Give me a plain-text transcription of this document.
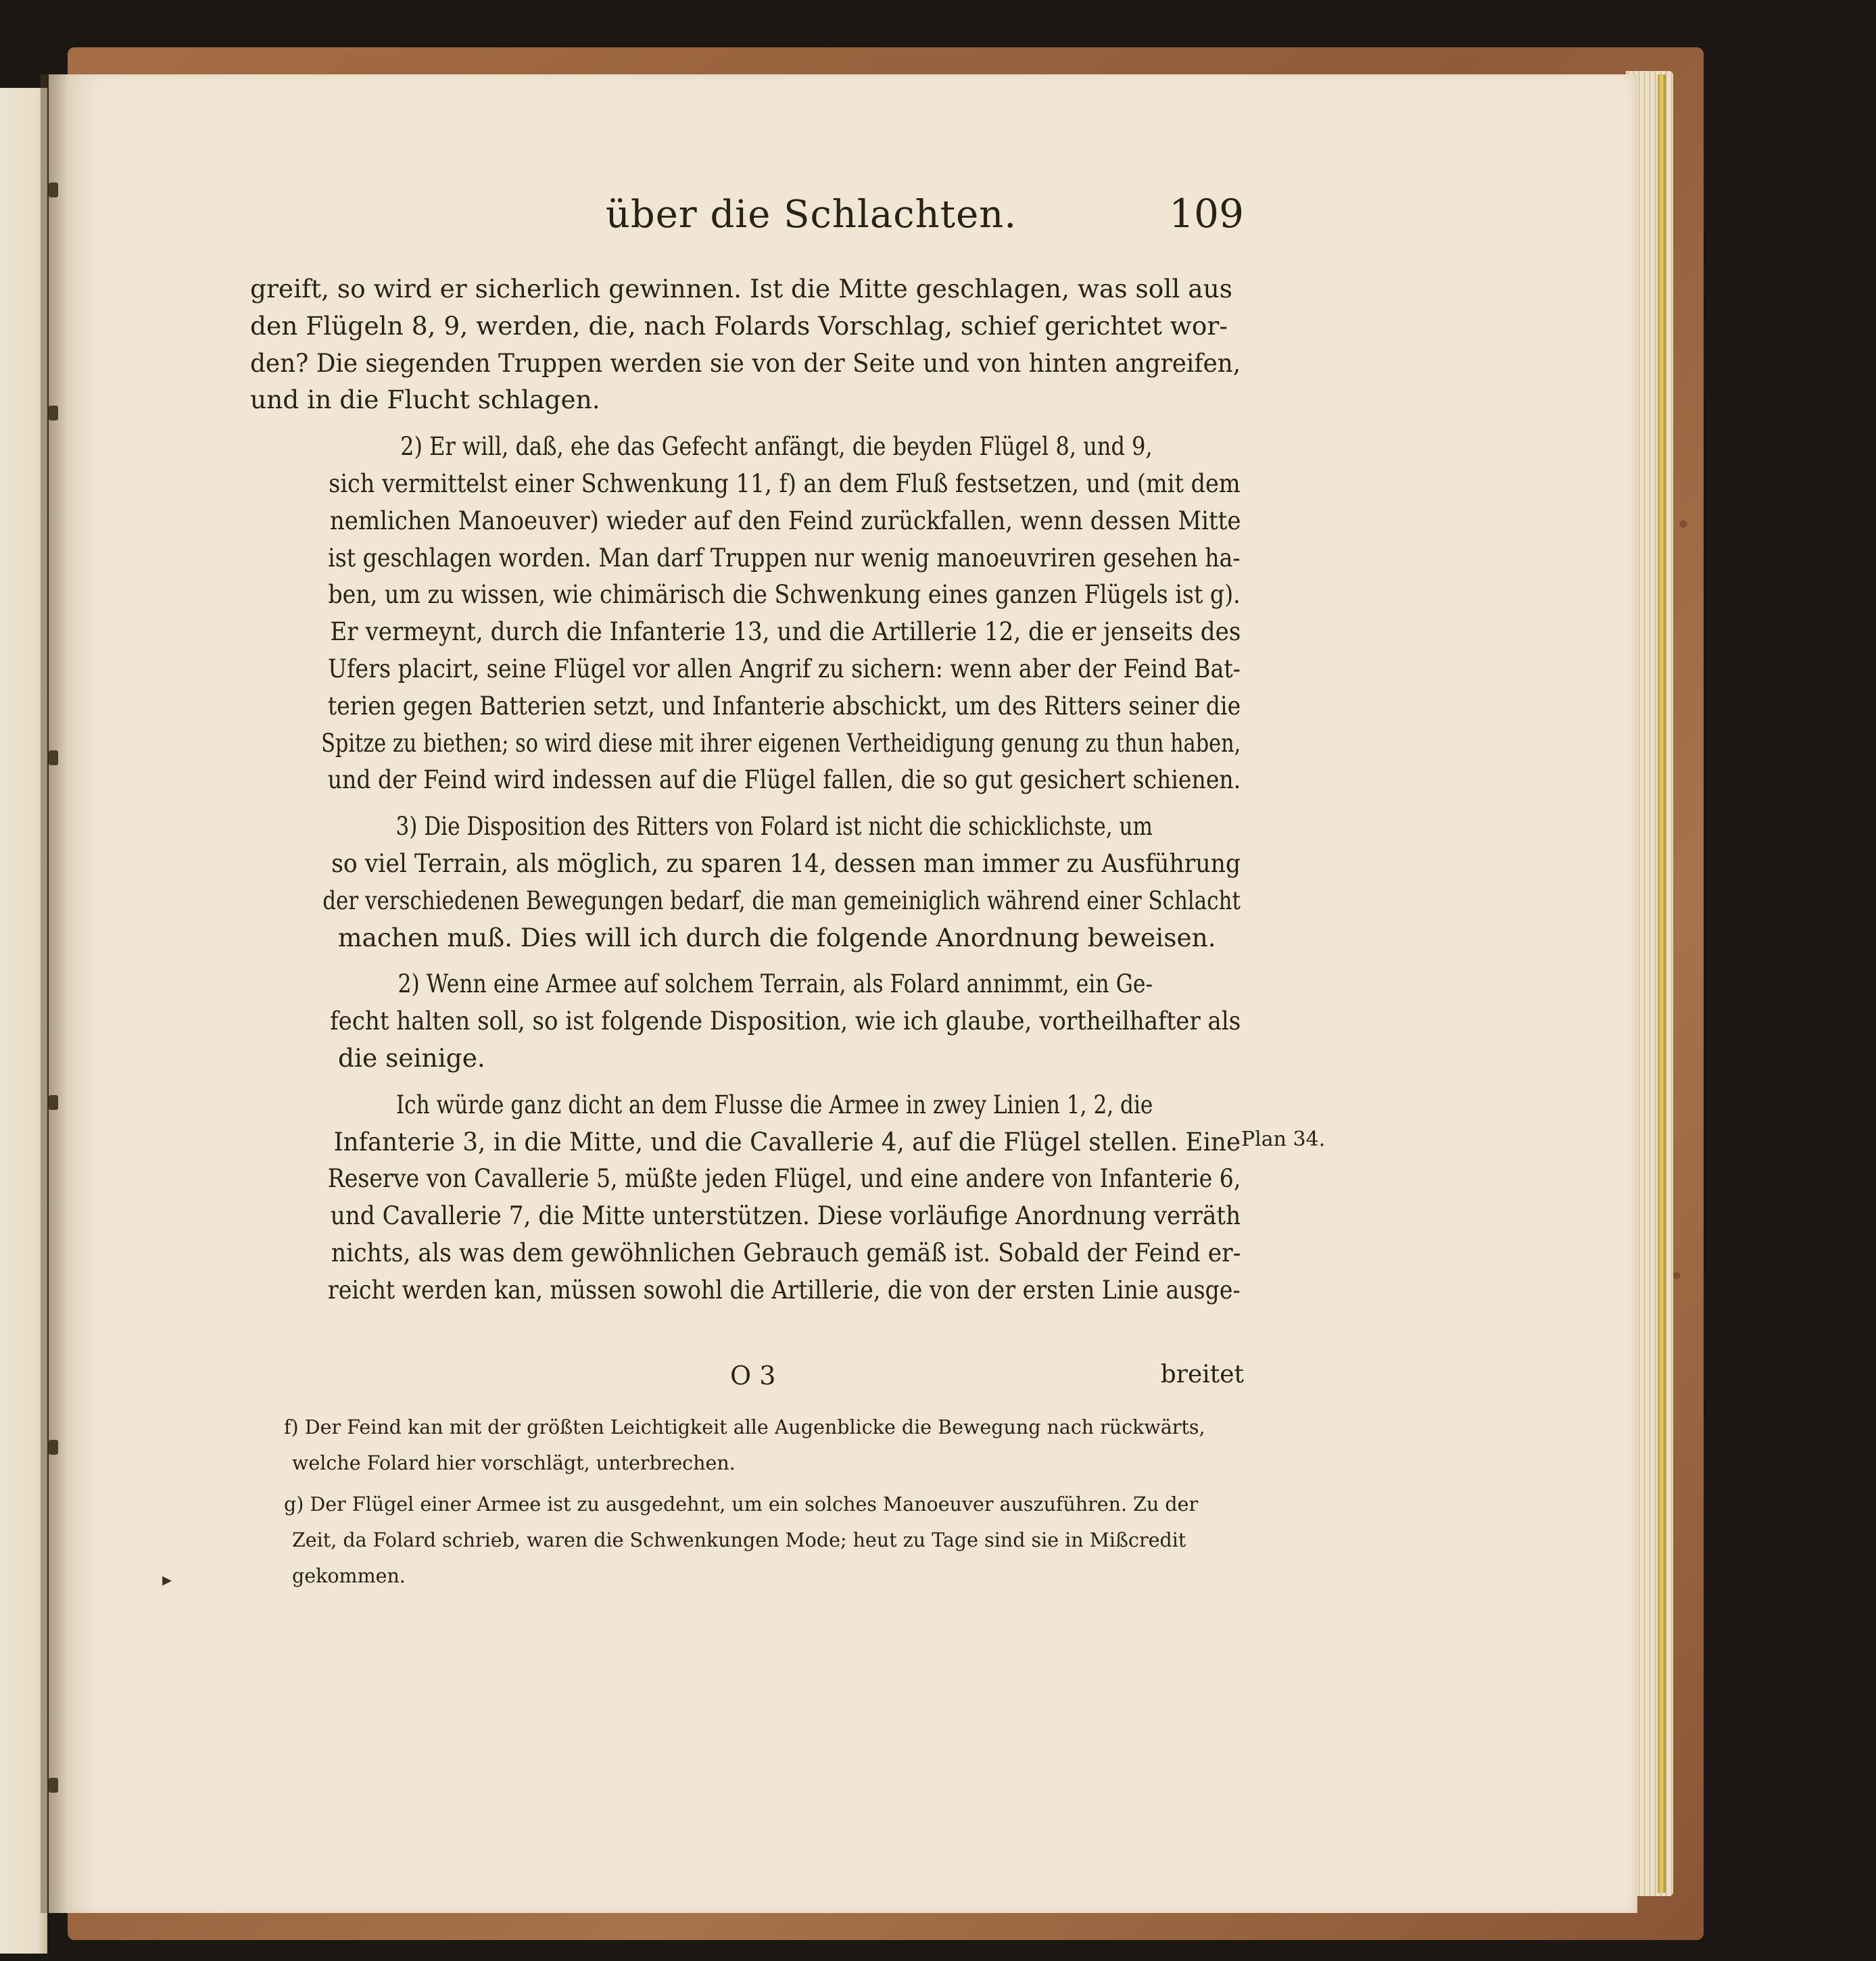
über die Schlachten.	109
greift, so wird er sicherlich gewinnen. Ist die Mitte geschlagen, was soll aus
den Flügeln 8, 9, werden, die, nach Folards Vorschlag, schief gerichtet wor-
den? Die siegenden Truppen werden sie von der Seite und von hinten angreifen,
und in die Flucht schlagen.
2) Er will, daß, ehe das Gefecht anfängt, die beyden Flügel 8, und 9,
sich vermittelst einer Schwenkung 11, f) an dem Fluß festsetzen, und (mit dem
nemlichen Manoeuver) wieder auf den Feind zurückfallen, wenn dessen Mitte
ist geschlagen worden. Man darf Truppen nur wenig manoeuvriren gesehen ha-
ben, um zu wissen, wie chimärisch die Schwenkung eines ganzen Flügels ist g).
Er vermeynt, durch die Infanterie 13, und die Artillerie 12, die er jenseits des
Ufers placirt, seine Flügel vor allen Angrif zu sichern: wenn aber der Feind Bat-
terien gegen Batterien setzt, und Infanterie abschickt, um des Ritters seiner die
Spitze zu biethen; so wird diese mit ihrer eigenen Vertheidigung genung zu thun haben,
und der Feind wird indessen auf die Flügel fallen, die so gut gesichert schienen.
3) Die Disposition des Ritters von Folard ist nicht die schicklichste, um
so viel Terrain, als möglich, zu sparen 14, dessen man immer zu Ausführung
der verschiedenen Bewegungen bedarf, die man gemeiniglich während einer Schlacht
machen muß. Dies will ich durch die folgende Anordnung beweisen.
2) Wenn eine Armee auf solchem Terrain, als Folard annimmt, ein Ge-
fecht halten soll, so ist folgende Disposition, wie ich glaube, vortheilhafter als
die seinige.
Ich würde ganz dicht an dem Flusse die Armee in zwey Linien 1, 2, die
Infanterie 3, in die Mitte, und die Cavallerie 4, auf die Flügel stellen. Eine
Reserve von Cavallerie 5, müßte jeden Flügel, und eine andere von Infanterie 6,
und Cavallerie 7, die Mitte unterstützen. Diese vorläufige Anordnung verräth
nichts, als was dem gewöhnlichen Gebrauch gemäß ist. Sobald der Feind er-
reicht werden kan, müssen sowohl die Artillerie, die von der ersten Linie ausge-
Plan 34.
O 3	breitet
f) Der Feind kan mit der größten Leichtigkeit alle Augenblicke die Bewegung nach rückwärts,
welche Folard hier vorschlägt, unterbrechen.
g) Der Flügel einer Armee ist zu ausgedehnt, um ein solches Manoeuver auszuführen. Zu der
Zeit, da Folard schrieb, waren die Schwenkungen Mode; heut zu Tage sind sie in Mißcredit
gekommen.
▸
